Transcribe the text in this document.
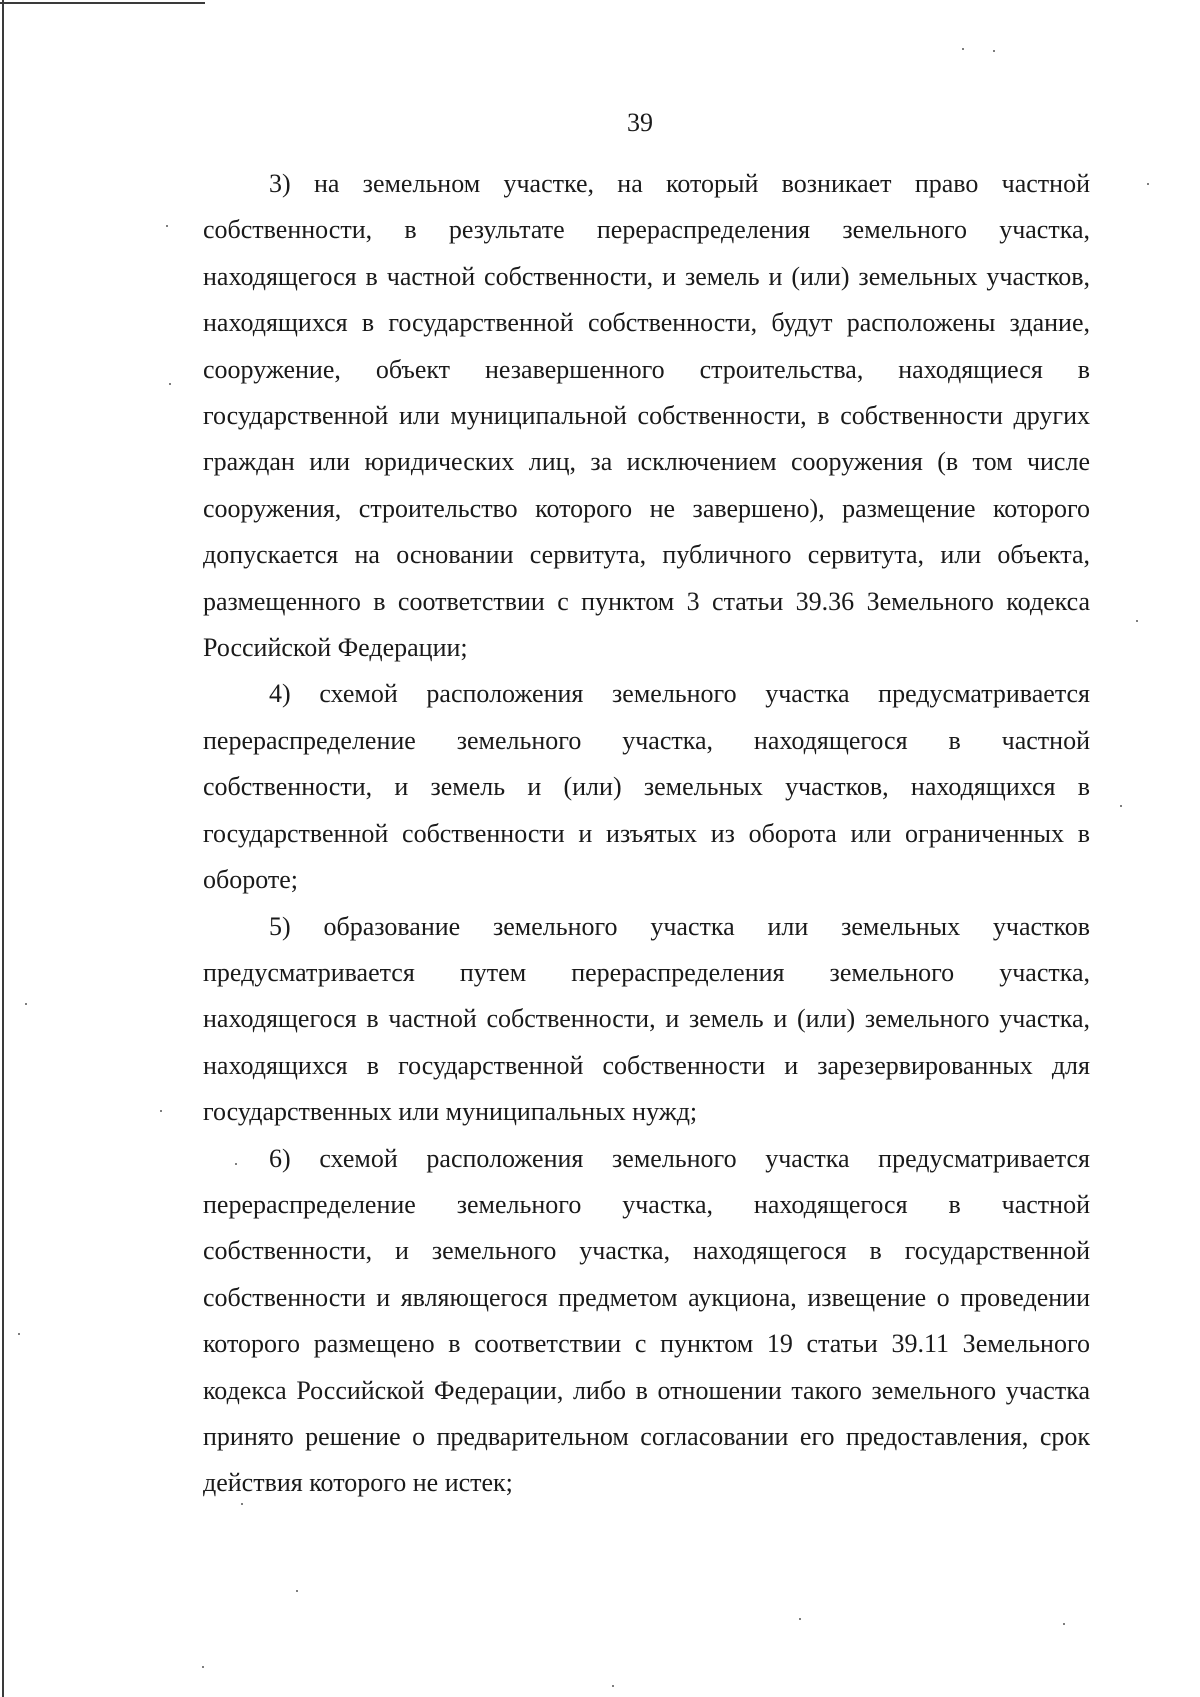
39

3) на земельном участке, на который возникает право частной собственности, в результате перераспределения земельного участка, находящегося в частной собственности, и земель и (или) земельных участков, находящихся в государственной собственности, будут расположены здание, сооружение, объект незавершенного строительства, находящиеся в государственной или муниципальной собственности, в собственности других граждан или юридических лиц, за исключением сооружения (в том числе сооружения, строительство которого не завершено), размещение которого допускается на основании сервитута, публичного сервитута, или объекта, размещенного в соответствии с пунктом 3 статьи 39.36 Земельного кодекса Российской Федерации;

4) схемой расположения земельного участка предусматривается перераспределение земельного участка, находящегося в частной собственности, и земель и (или) земельных участков, находящихся в государственной собственности и изъятых из оборота или ограниченных в обороте;

5) образование земельного участка или земельных участков предусматривается путем перераспределения земельного участка, находящегося в частной собственности, и земель и (или) земельного участка, находящихся в государственной собственности и зарезервированных для государственных или муниципальных нужд;

6) схемой расположения земельного участка предусматривается перераспределение земельного участка, находящегося в частной собственности, и земельного участка, находящегося в государственной собственности и являющегося предметом аукциона, извещение о проведении которого размещено в соответствии с пунктом 19 статьи 39.11 Земельного кодекса Российской Федерации, либо в отношении такого земельного участка принято решение о предварительном согласовании его предоставления, срок действия которого не истек;
